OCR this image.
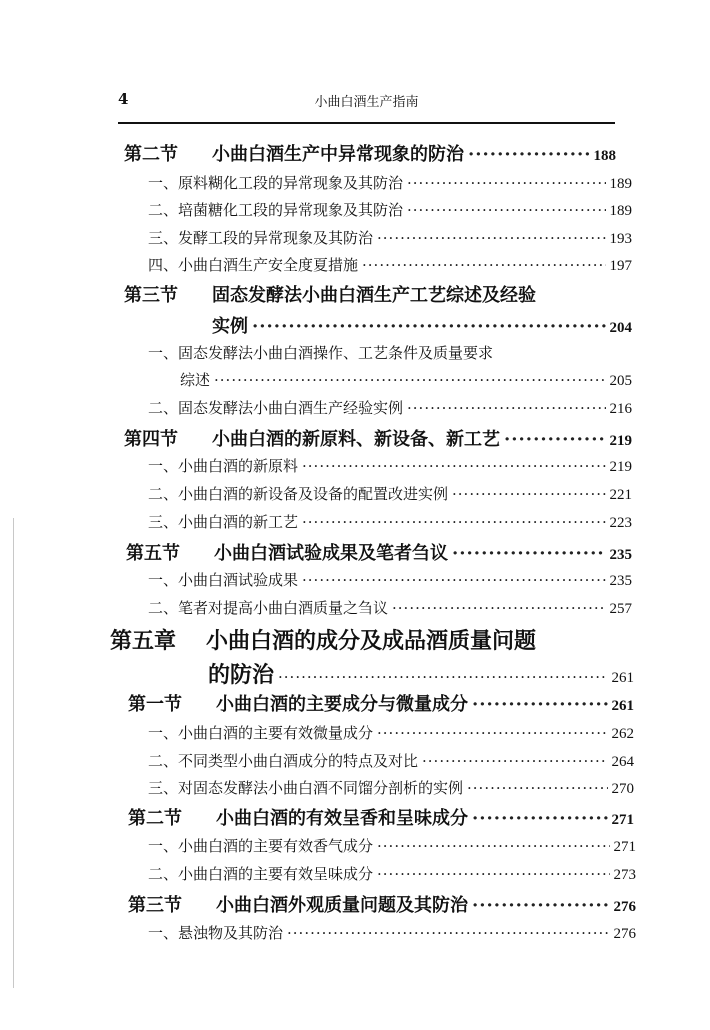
4	小曲白酒生产指南
第二节 小曲白酒生产中异常现象的防治 ·····	188
一、原料糊化工段的异常现象及其防治 ·····	189
二、培菌糖化工段的异常现象及其防治 ·····	189
三、发酵工段的异常现象及其防治 ·····	193
四、小曲白酒生产安全度夏措施 ·····	197
第三节 固态发酵法小曲白酒生产工艺综述及经验
实例 ·····	204
一、固态发酵法小曲白酒操作、工艺条件及质量要求
综述 ·····	205
二、固态发酵法小曲白酒生产经验实例 ·····	216
第四节 小曲白酒的新原料、新设备、新工艺 ·····	219
一、小曲白酒的新原料 ·····	219
二、小曲白酒的新设备及设备的配置改进实例 ·····	221
三、小曲白酒的新工艺 ·····	223
第五节 小曲白酒试验成果及笔者刍议 ·····	235
一、小曲白酒试验成果 ·····	235
二、笔者对提高小曲白酒质量之刍议 ·····	257
第五章 小曲白酒的成分及成品酒质量问题
的防治 ·····	261
第一节 小曲白酒的主要成分与微量成分 ·····	261
一、小曲白酒的主要有效微量成分 ·····	262
二、不同类型小曲白酒成分的特点及对比 ·····	264
三、对固态发酵法小曲白酒不同馏分剖析的实例 ·····	270
第二节 小曲白酒的有效呈香和呈味成分 ·····	271
一、小曲白酒的主要有效香气成分 ·····	271
二、小曲白酒的主要有效呈味成分 ·····	273
第三节 小曲白酒外观质量问题及其防治 ·····	276
一、悬浊物及其防治 ·····	276
